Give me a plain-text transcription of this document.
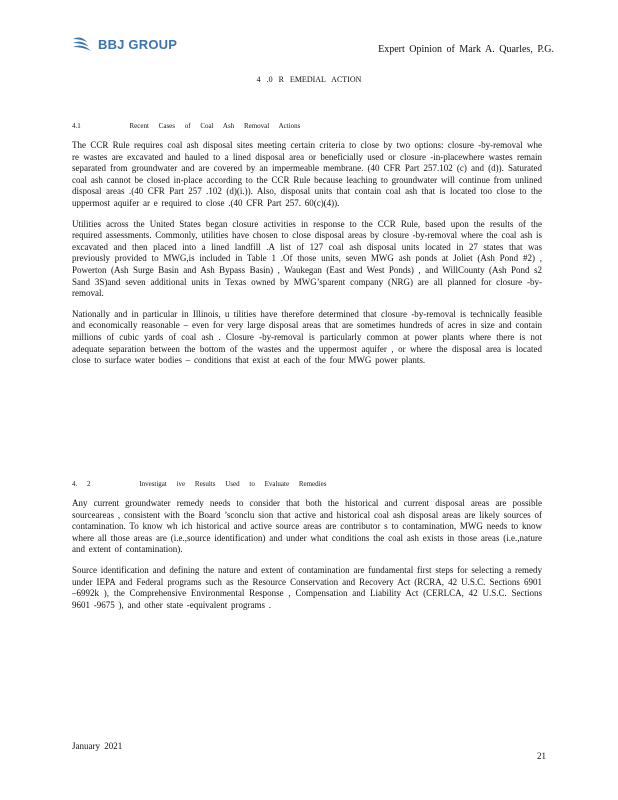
BBJ GROUP	Expert Opinion of Mark A. Quarles, P.G.
4 .0 R EMEDIAL ACTION
4.1	Recent Cases of Coal Ash Removal Actions

The CCR Rule requires coal ash disposal sites meeting certain criteria to close by two options: closure -by-removal whe re wastes are excavated and hauled to a lined disposal area or beneficially used or closure -in-placewhere wastes remain separated from groundwater and are covered by an impermeable membrane. (40 CFR Part 257.102 (c) and (d)). Saturated coal ash cannot be closed in-place according to the CCR Rule because leaching to groundwater will continue from unlined disposal areas .(40 CFR Part 257 .102 (d)(i.)). Also, disposal units that contain coal ash that is located too close to the uppermost aquifer ar e required to close .(40 CFR Part 257. 60(c)(4)).

Utilities across the United States began closure activities in response to the CCR Rule, based upon the results of the required assessments. Commonly, utilities have chosen to close disposal areas by closure -by-removal where the coal ash is excavated and then placed into a lined landfill .A list of 127 coal ash disposal units located in 27 states that was previously provided to MWG,is included in Table 1 .Of those units, seven MWG ash ponds at Joliet (Ash Pond #2) , Powerton (Ash Surge Basin and Ash Bypass Basin) , Waukegan (East and West Ponds) , and WillCounty (Ash Pond s2 Sand 3S)and seven additional units in Texas owned by MWG’sparent company (NRG) are all planned for closure -by-removal.

Nationally and in particular in Illinois, u tilities have therefore determined that closure -by-removal is technically feasible and economically reasonable – even for very large disposal areas that are sometimes hundreds of acres in size and contain millions of cubic yards of coal ash . Closure -by-removal is particularly common at power plants where there is not adequate separation between the bottom of the wastes and the uppermost aquifer , or where the disposal area is located close to surface water bodies – conditions that exist at each of the four MWG power plants.

4. 2	Investigat ive Results Used to Evaluate Remedies

Any current groundwater remedy needs to consider that both the historical and current disposal areas are possible sourceareas , consistent with the Board ’sconclu sion that active and historical coal ash disposal areas are likely sources of contamination. To know wh ich historical and active source areas are contributor s to contamination, MWG needs to know where all those areas are (i.e.,source identification) and under what conditions the coal ash exists in those areas (i.e.,nature and extent of contamination).

Source identification and defining the nature and extent of contamination are fundamental first steps for selecting a remedy under IEPA and Federal programs such as the Resource Conservation and Recovery Act (RCRA, 42 U.S.C. Sections 6901 –6992k ), the Comprehensive Environmental Response , Compensation and Liability Act (CERLCA, 42 U.S.C. Sections 9601 -9675 ), and other state -equivalent programs .

January 2021
21
